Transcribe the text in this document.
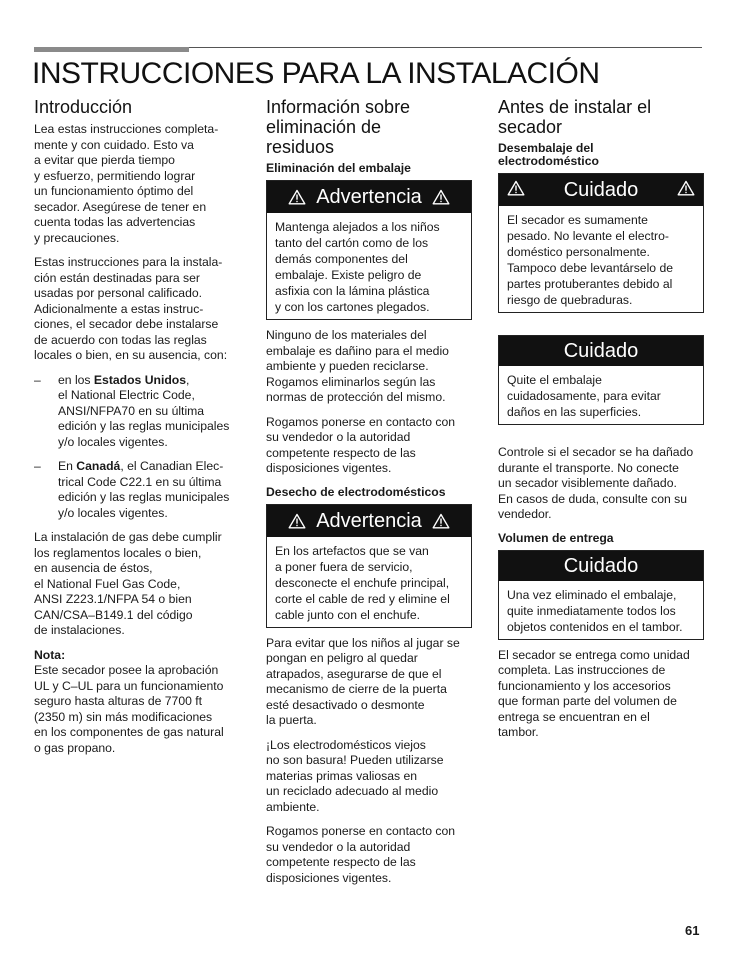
INSTRUCCIONES PARA LA INSTALACIÓN
Introducción

Lea estas instrucciones completa-
mente y con cuidado. Esto va
a evitar que pierda tiempo
y esfuerzo, permitiendo lograr
un funcionamiento óptimo del
secador. Asegúrese de tener en
cuenta todas las advertencias
y precauciones.

Estas instrucciones para la instala-
ción están destinadas para ser
usadas por personal calificado.
Adicionalmente a estas instruc-
ciones, el secador debe instalarse
de acuerdo con todas las reglas
locales o bien, en su ausencia, con:

–	en los Estados Unidos,
el National Electric Code,
ANSI/NFPA70 en su última
edición y las reglas municipales
y/o locales vigentes.
–	En Canadá, el Canadian Elec-
trical Code C22.1 en su última
edición y las reglas municipales
y/o locales vigentes.

La instalación de gas debe cumplir
los reglamentos locales o bien,
en ausencia de éstos,
el National Fuel Gas Code,
ANSI Z223.1/NFPA 54 o bien
CAN/CSA–B149.1 del código
de instalaciones.

Nota:

Este secador posee la aprobación
UL y C–UL para un funcionamiento
seguro hasta alturas de 7700 ft
(2350 m) sin más modificaciones
en los componentes de gas natural
o gas propano.

Información sobre
eliminación de
residuos
Eliminación del embalaje
Advertencia
Mantenga alejados a los niños
tanto del cartón como de los
demás componentes del
embalaje. Existe peligro de
asfixia con la lámina plástica
y con los cartones plegados.

Ninguno de los materiales del
embalaje es dañino para el medio
ambiente y pueden reciclarse.
Rogamos eliminarlos según las
normas de protección del mismo.

Rogamos ponerse en contacto con
su vendedor o la autoridad
competente respecto de las
disposiciones vigentes.

Desecho de electrodomésticos
Advertencia
En los artefactos que se van
a poner fuera de servicio,
desconecte el enchufe principal,
corte el cable de red y elimine el
cable junto con el enchufe.

Para evitar que los niños al jugar se
pongan en peligro al quedar
atrapados, asegurarse de que el
mecanismo de cierre de la puerta
esté desactivado o desmonte
la puerta.

¡Los electrodomésticos viejos
no son basura! Pueden utilizarse
materias primas valiosas en
un reciclado adecuado al medio
ambiente.

Rogamos ponerse en contacto con
su vendedor o la autoridad
competente respecto de las
disposiciones vigentes.

Antes de instalar el
secador
Desembalaje del
electrodoméstico
Cuidado
El secador es sumamente
pesado. No levante el electro-
doméstico personalmente.
Tampoco debe levantárselo de
partes protuberantes debido al
riesgo de quebraduras.
Cuidado
Quite el embalaje
cuidadosamente, para evitar
daños en las superficies.

Controle si el secador se ha dañado
durante el transporte. No conecte
un secador visiblemente dañado.
En casos de duda, consulte con su
vendedor.

Volumen de entrega
Cuidado
Una vez eliminado el embalaje,
quite inmediatamente todos los
objetos contenidos en el tambor.

El secador se entrega como unidad
completa. Las instrucciones de
funcionamiento y los accesorios
que forman parte del volumen de
entrega se encuentran en el
tambor.

61
